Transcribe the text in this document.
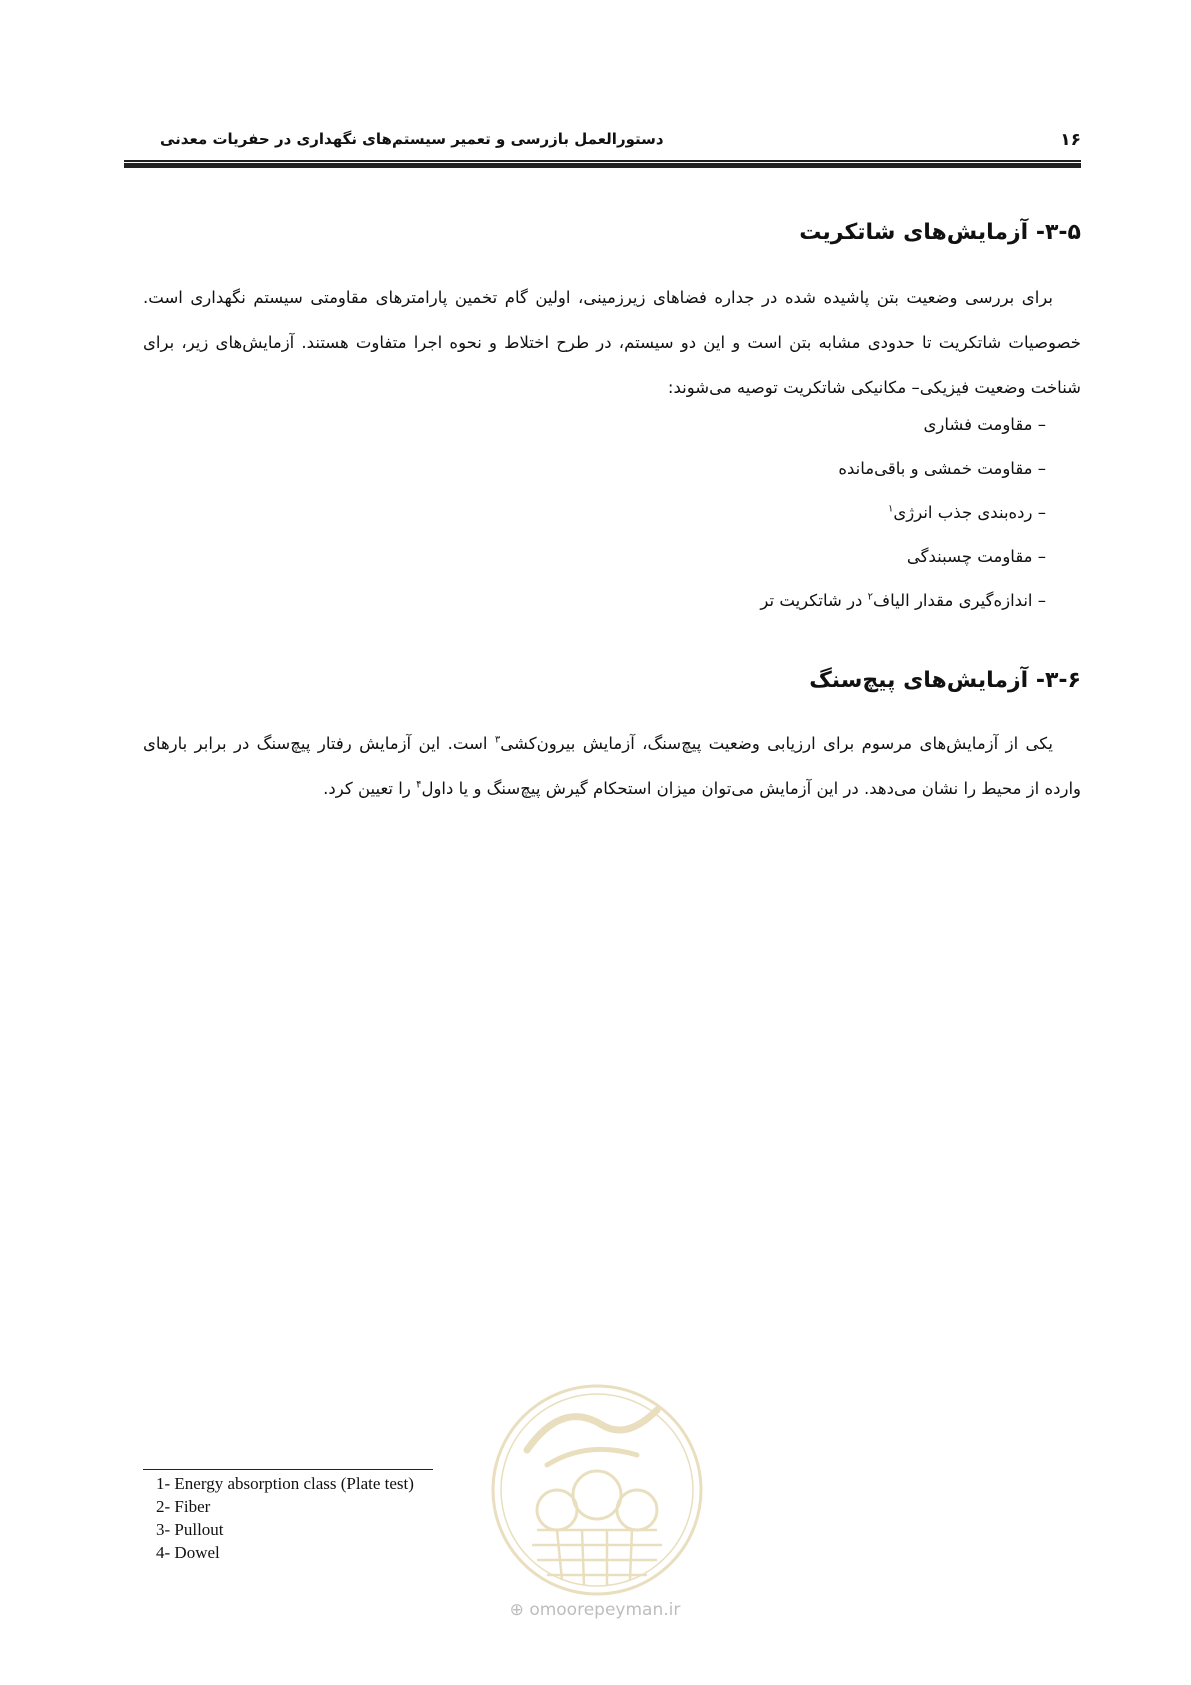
۱۶
دستورالعمل بازرسی و تعمیر سیستم‌های نگهداری در حفریات معدنی
۳-۵- آزمایش‌های شاتکریت
برای بررسی وضعیت بتن پاشیده شده در جداره فضاهای زیرزمینی، اولین گام تخمین پارامترهای مقاومتی سیستم نگهداری است. خصوصیات شاتکریت تا حدودی مشابه بتن است و این دو سیستم، در طرح اختلاط و نحوه اجرا متفاوت هستند. آزمایش‌های زیر، برای شناخت وضعیت فیزیکی– مکانیکی شاتکریت توصیه می‌شوند:
– مقاومت فشاری
– مقاومت خمشی و باقی‌مانده
– رده‌بندی جذب انرژی$^۱$
– مقاومت چسبندگی
– اندازه‌گیری مقدار الیاف$^۲$ در شاتکریت تر
۳-۶- آزمایش‌های پیچ‌سنگ
یکی از آزمایش‌های مرسوم برای ارزیابی وضعیت پیچ‌سنگ، آزمایش بیرون‌کشی$^۳$ است. این آزمایش رفتار پیچ‌سنگ در برابر بارهای وارده از محیط را نشان می‌دهد. در این آزمایش می‌توان میزان استحکام گیرش پیچ‌سنگ و یا داول$^۴$ را تعیین کرد.
1- Energy absorption class (Plate test)
2- Fiber
3- Pullout
4- Dowel
⊕ omoorepeyman.ir
